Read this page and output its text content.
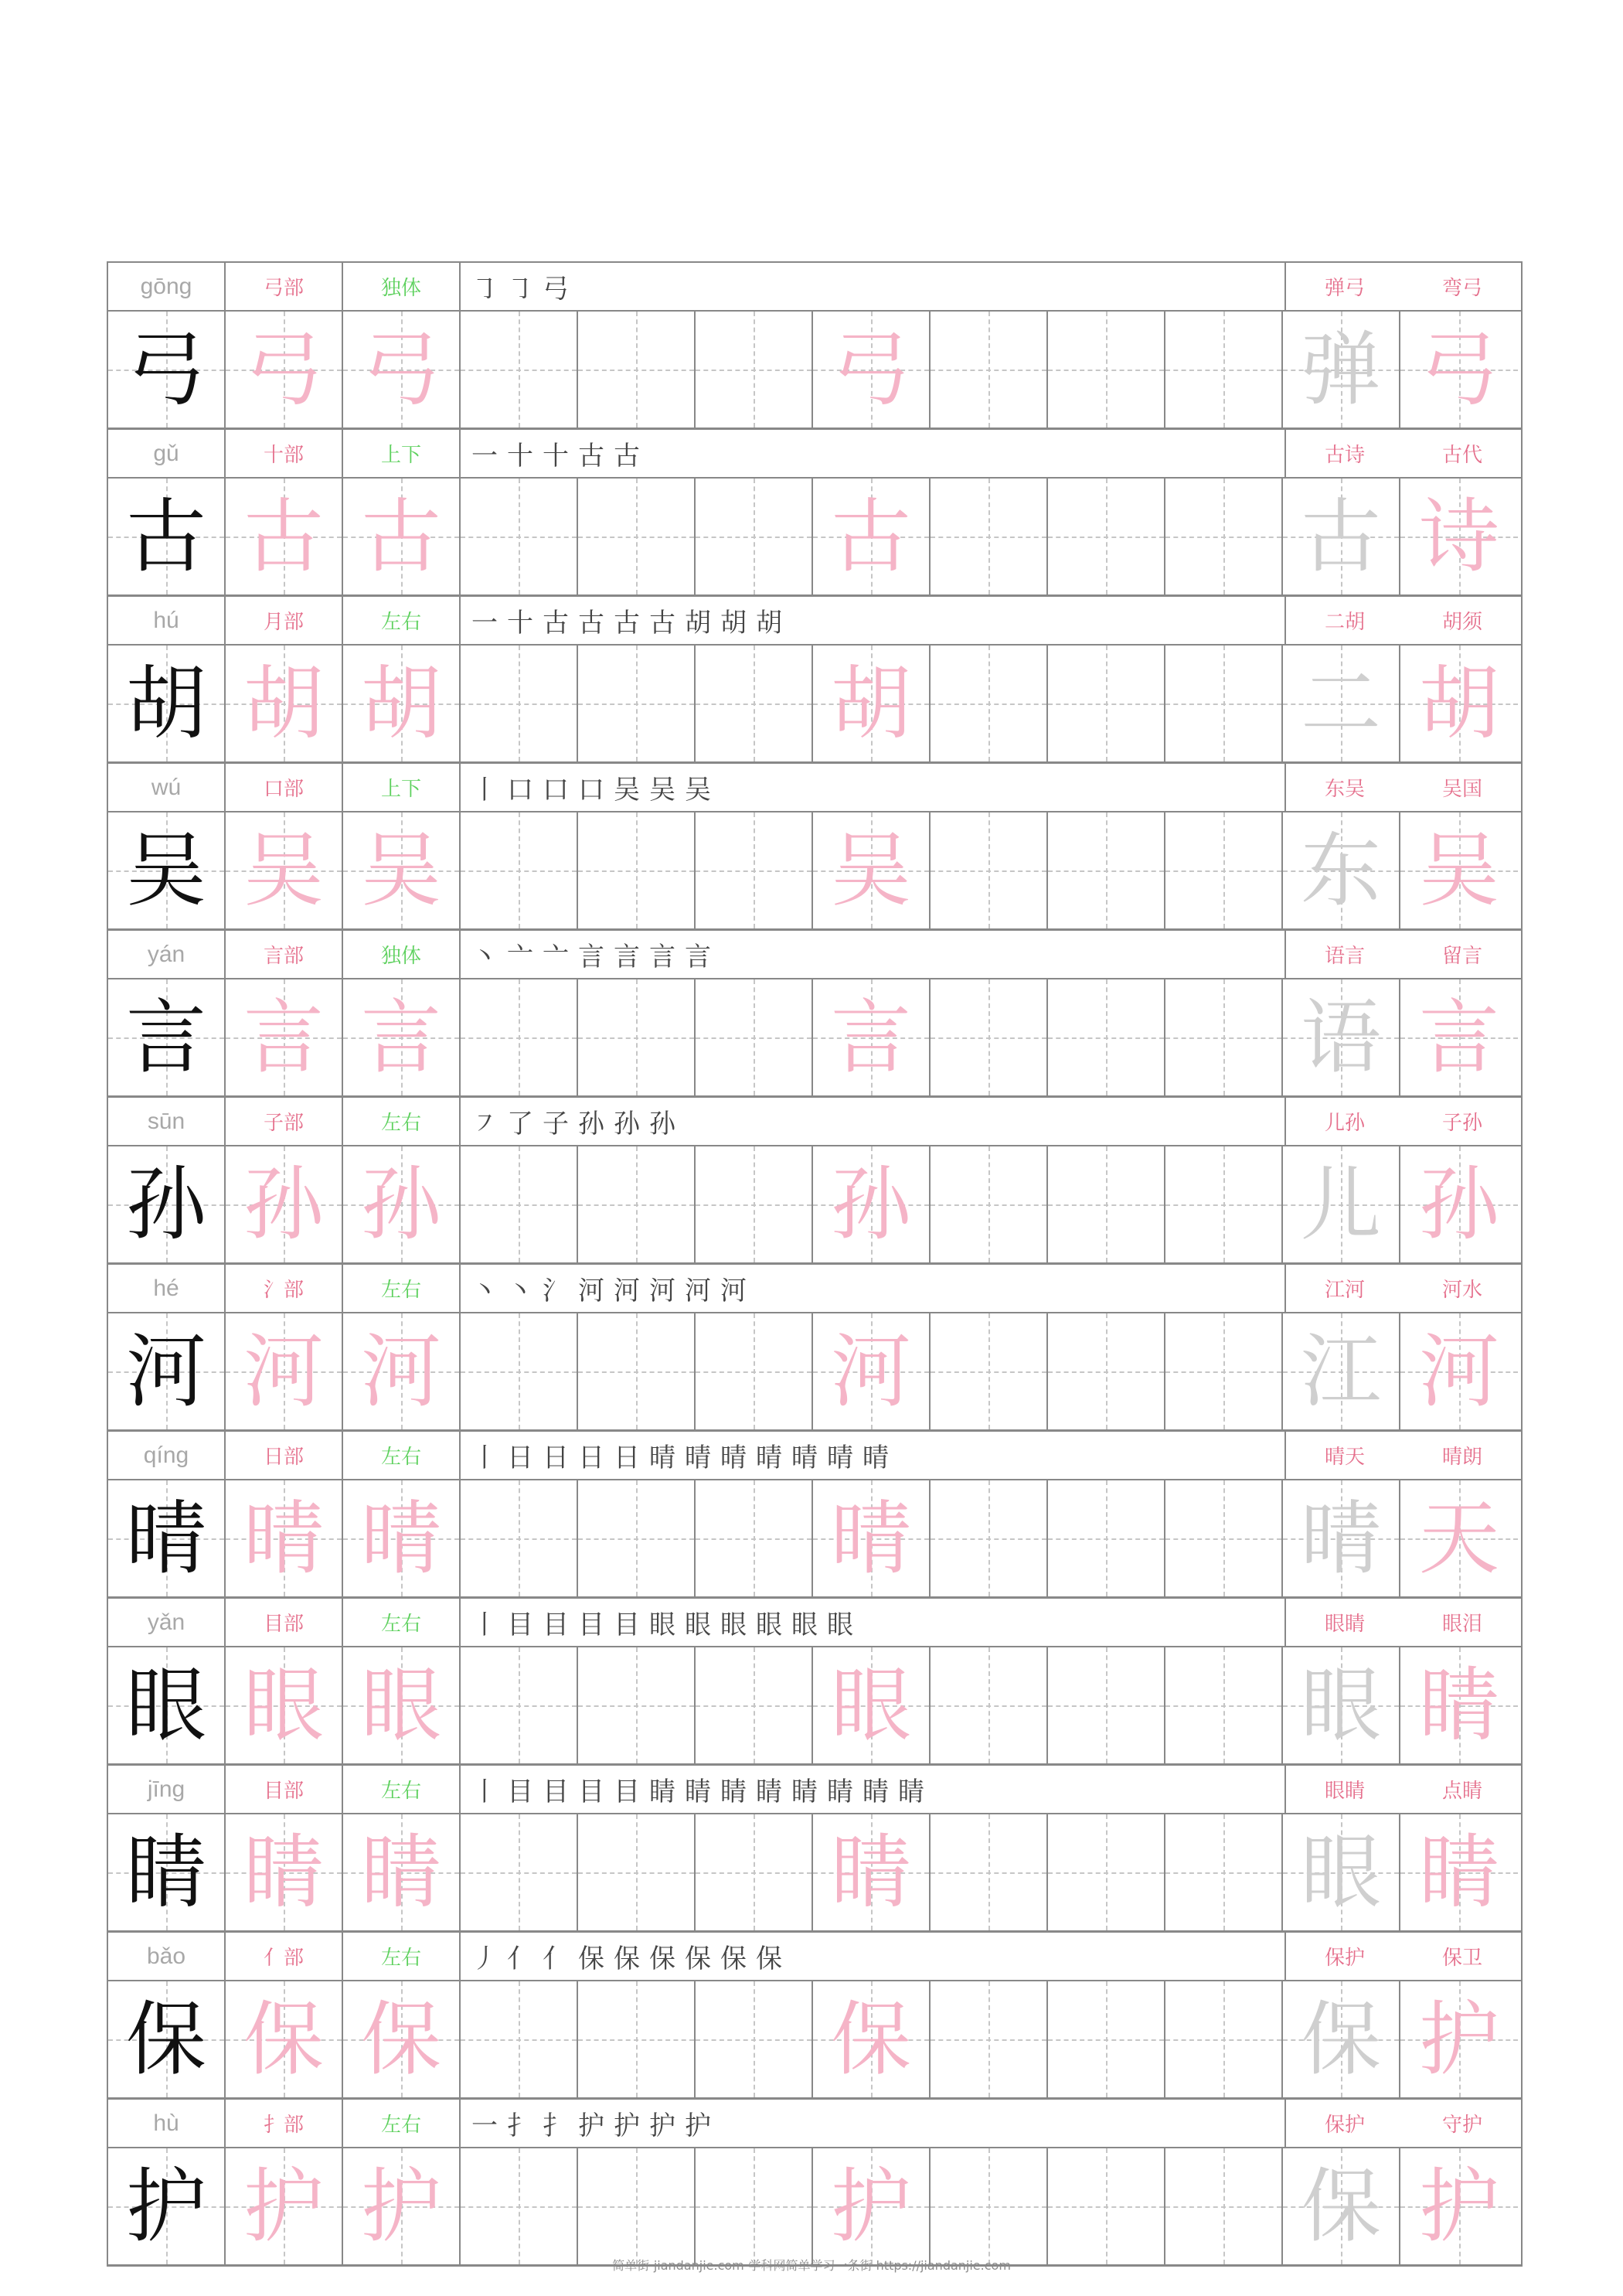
gōng	弓部	独体	㇆ ㇆ 弓	弹弓	弯弓
弓 弓 弓	弓	弹 弓
gǔ	十部	上下	一 十 十 古 古	古诗	古代
古 古 古	古	古 诗
hú	月部	左右	一 十 古 古 古 古 胡 胡 胡	二胡	胡须
胡 胡 胡	胡	二 胡
wú	口部	上下	丨 口 口 口 吴 吴 吴	东吴	吴国
吴 吴 吴	吴	东 吴
yán	言部	独体	丶 亠 亠 言 言 言 言	语言	留言
言 言 言	言	语 言
sūn	子部	左右	㇇ 了 子 孙 孙 孙	儿孙	子孙
孙 孙 孙	孙	儿 孙
hé	氵部	左右	丶 丶 氵 河 河 河 河 河	江河	河水
河 河 河	河	江 河
qíng	日部	左右	丨 日 日 日 日 晴 晴 晴 晴 晴 晴 晴	晴天	晴朗
晴 晴 晴	晴	晴 天
yǎn	目部	左右	丨 目 目 目 目 眼 眼 眼 眼 眼 眼	眼睛	眼泪
眼 眼 眼	眼	眼 睛
jīng	目部	左右	丨 目 目 目 目 睛 睛 睛 睛 睛 睛 睛 睛	眼睛	点睛
睛 睛 睛	睛	眼 睛
bǎo	亻部	左右	丿 亻 亻 保 保 保 保 保 保	保护	保卫
保 保 保	保	保 护
hù	扌部	左右	一 扌 扌 护 护 护 护	保护	守护
护 护 护	护	保 护
简单街-jiandanjie.com-学科网简单学习一条街 https://jiandanjie.com
